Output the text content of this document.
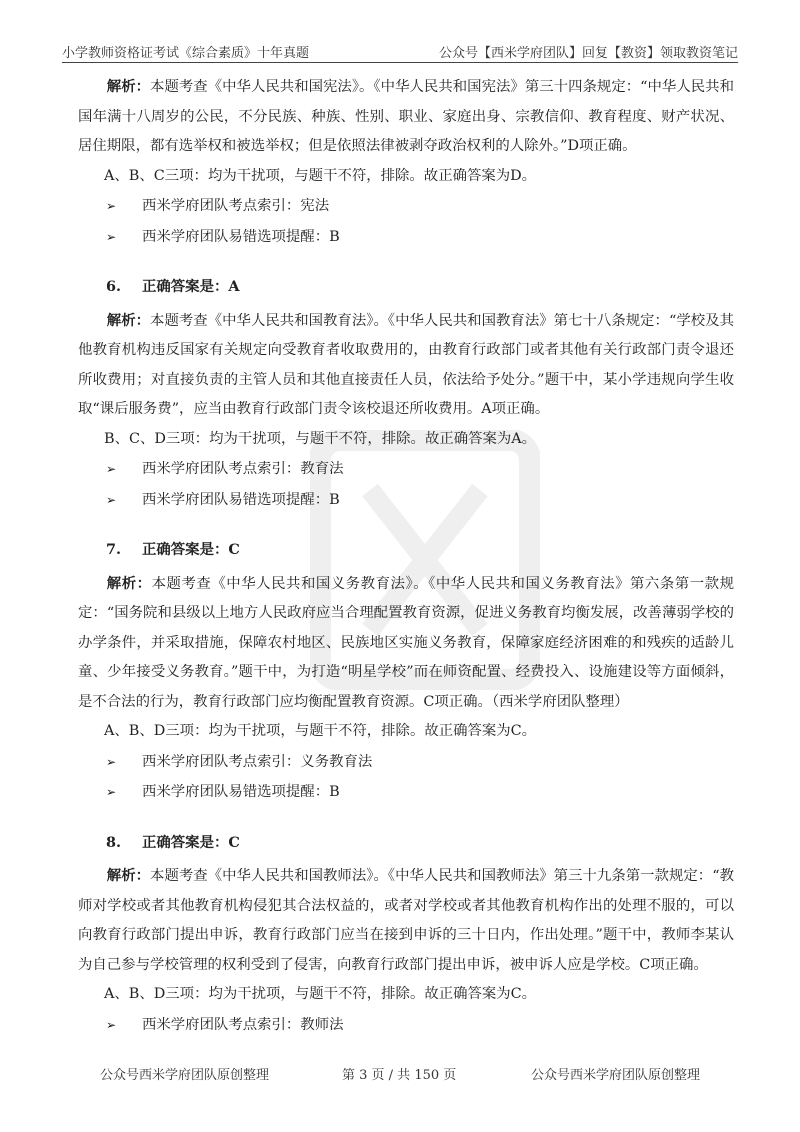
小学教师资格证考试《综合素质》十年真题	公众号【西米学府团队】回复【教资】领取教资笔记

解析：本题考查《中华人民共和国宪法》。《中华人民共和国宪法》第三十四条规定：“中华人民共和国年满十八周岁的公民，不分民族、种族、性别、职业、家庭出身、宗教信仰、教育程度、财产状况、居住期限，都有选举权和被选举权；但是依照法律被剥夺政治权利的人除外。”D项正确。

A、B、C三项：均为干扰项，与题干不符，排除。故正确答案为D。

➢	西米学府团队考点索引：宪法
➢	西米学府团队易错选项提醒：B
6. 正确答案是：A

解析：本题考查《中华人民共和国教育法》。《中华人民共和国教育法》第七十八条规定：“学校及其他教育机构违反国家有关规定向受教育者收取费用的，由教育行政部门或者其他有关行政部门责令退还所收费用；对直接负责的主管人员和其他直接责任人员，依法给予处分。”题干中，某小学违规向学生收取“课后服务费”，应当由教育行政部门责令该校退还所收费用。A项正确。

B、C、D三项：均为干扰项，与题干不符，排除。故正确答案为A。

➢	西米学府团队考点索引：教育法
➢	西米学府团队易错选项提醒：B
7. 正确答案是：C

解析：本题考查《中华人民共和国义务教育法》。《中华人民共和国义务教育法》第六条第一款规定：“国务院和县级以上地方人民政府应当合理配置教育资源，促进义务教育均衡发展，改善薄弱学校的办学条件，并采取措施，保障农村地区、民族地区实施义务教育，保障家庭经济困难的和残疾的适龄儿童、少年接受义务教育。”题干中，为打造“明星学校”而在师资配置、经费投入、设施建设等方面倾斜，是不合法的行为，教育行政部门应均衡配置教育资源。C项正确。（西米学府团队整理）

A、B、D三项：均为干扰项，与题干不符，排除。故正确答案为C。

➢	西米学府团队考点索引：义务教育法
➢	西米学府团队易错选项提醒：B
8. 正确答案是：C

解析：本题考查《中华人民共和国教师法》。《中华人民共和国教师法》第三十九条第一款规定：“教师对学校或者其他教育机构侵犯其合法权益的，或者对学校或者其他教育机构作出的处理不服的，可以向教育行政部门提出申诉，教育行政部门应当在接到申诉的三十日内，作出处理。”题干中，教师李某认为自己参与学校管理的权利受到了侵害，向教育行政部门提出申诉，被申诉人应是学校。C项正确。

A、B、D三项：均为干扰项，与题干不符，排除。故正确答案为C。

➢	西米学府团队考点索引：教师法
公众号西米学府团队原创整理	第 3 页 / 共 150 页	公众号西米学府团队原创整理
